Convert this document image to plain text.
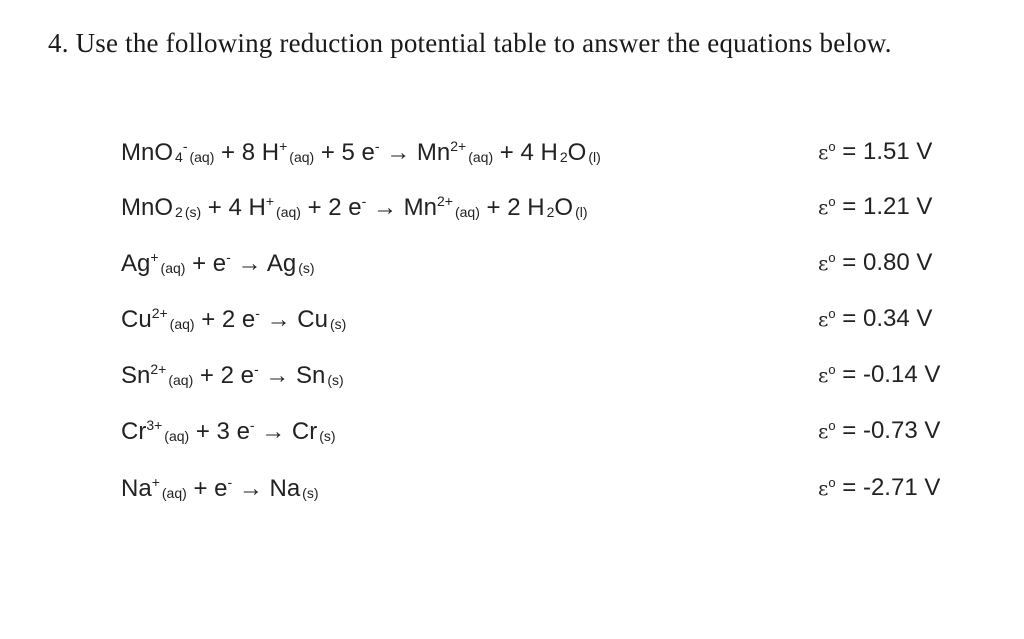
4. Use the following reduction potential table to answer the equations below.
MnO 4-(aq) + 8 H+(aq) + 5 $e^- \to Mn^{2+}(aq) + 4$ H 2O (l)	$\varepsilon^o = 1.51$ V
MnO 2 (s) + 4 H+(aq) + 2 $e^- \to Mn^{2+}(aq) + 2$ H 2O (l)	$\varepsilon^o = 1.21$ V
Ag+(aq) + e- → Ag (s)	$\varepsilon^o = 0.80$ V
$Cu^{2+}(aq) + 2$ e- → Cu (s)	$\varepsilon^o = 0.34$ V
$Sn^{2+}(aq) + 2$ e- → Sn (s)	$\varepsilon^o = -0.14$ V
$Cr^{3+}(aq) + 3$ e- → Cr (s)	$\varepsilon^o = -0.73$ V
Na+(aq) + e- → Na (s)	$\varepsilon^o = -2.71$ V
